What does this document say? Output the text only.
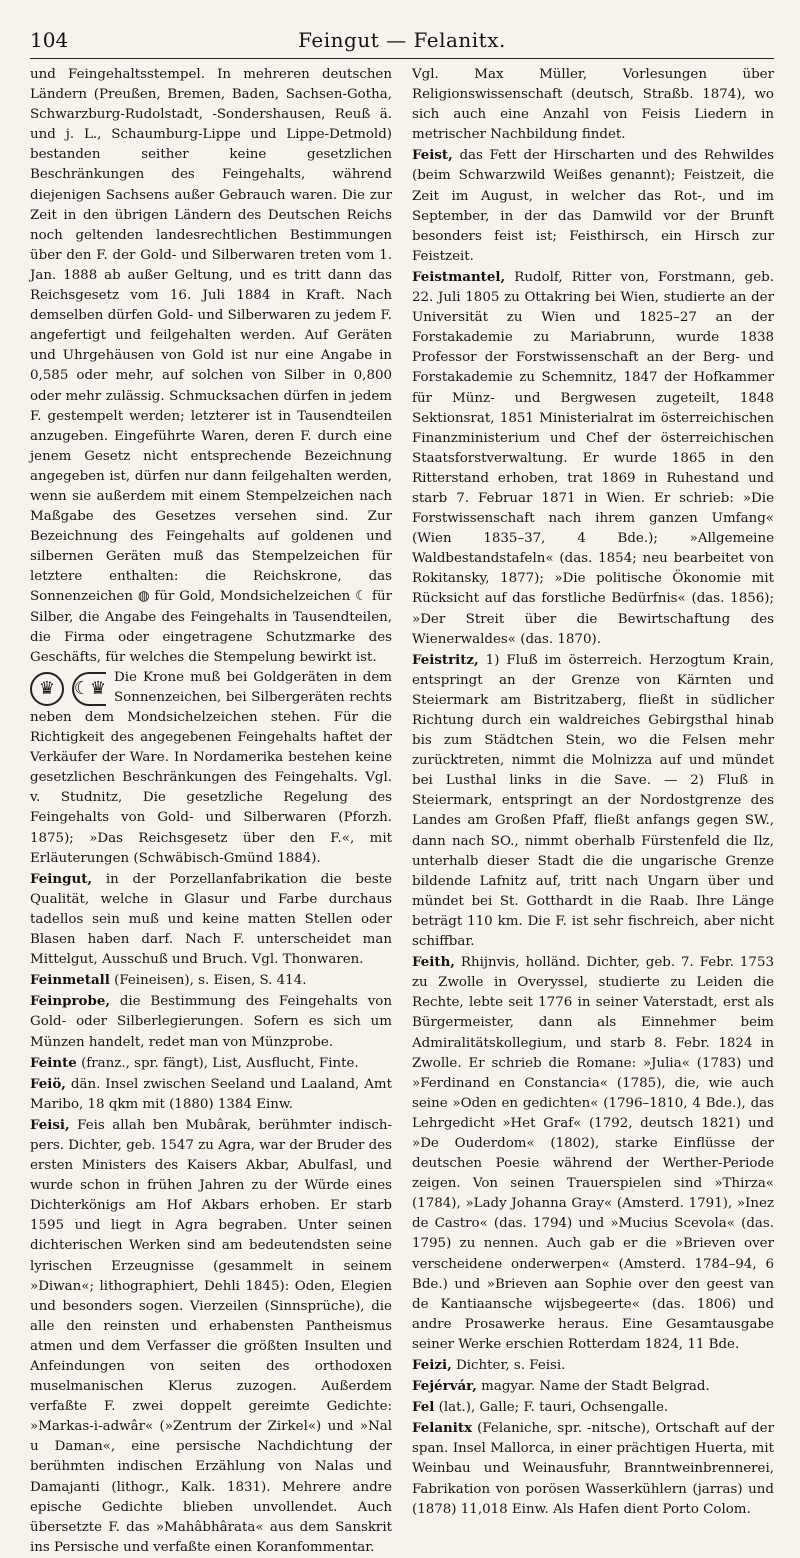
104	Feingut — Felanitx.

und Feingehaltsstempel. In mehreren deutschen Ländern (Preußen, Bremen, Baden, Sachsen-Gotha, Schwarzburg-Rudolstadt, -Sondershausen, Reuß ä. und j. L., Schaumburg-Lippe und Lippe-Detmold) bestanden seither keine gesetzlichen Beschränkungen des Feingehalts, während diejenigen Sachsens außer Gebrauch waren. Die zur Zeit in den übrigen Ländern des Deutschen Reichs noch geltenden landesrechtlichen Bestimmungen über den F. der Gold- und Silberwaren treten vom 1. Jan. 1888 ab außer Geltung, und es tritt dann das Reichsgesetz vom 16. Juli 1884 in Kraft. Nach demselben dürfen Gold- und Silberwaren zu jedem F. angefertigt und feilgehalten werden. Auf Geräten und Uhrgehäusen von Gold ist nur eine Angabe in 0,585 oder mehr, auf solchen von Silber in 0,800 oder mehr zulässig. Schmucksachen dürfen in jedem F. gestempelt werden; letzterer ist in Tausendteilen anzugeben. Eingeführte Waren, deren F. durch eine jenem Gesetz nicht entsprechende Bezeichnung angegeben ist, dürfen nur dann feilgehalten werden, wenn sie außerdem mit einem Stempelzeichen nach Maßgabe des Gesetzes versehen sind. Zur Bezeichnung des Feingehalts auf goldenen und silbernen Geräten muß das Stempelzeichen für letztere enthalten: die Reichskrone, das Sonnenzeichen ◍ für Gold, Mondsichelzeichen ☾ für Silber, die Angabe des Feingehalts in Tausendteilen, die Firma oder eingetragene Schutzmarke des Geschäfts, für welches die Stempelung bewirkt ist.

♛	☾♛
Die Krone muß bei Goldgeräten in dem Sonnenzeichen, bei Silbergeräten rechts neben dem Mondsichelzeichen stehen. Für die Richtigkeit des angegebenen Feingehalts haftet der Verkäufer der Ware. In Nordamerika bestehen keine gesetzlichen Beschränkungen des Feingehalts. Vgl. v. Studnitz, Die gesetzliche Regelung des Feingehalts von Gold- und Silberwaren (Pforzh. 1875); »Das Reichsgesetz über den F.«, mit Erläuterungen (Schwäbisch-Gmünd 1884).

Feingut, in der Porzellanfabrikation die beste Qualität, welche in Glasur und Farbe durchaus tadellos sein muß und keine matten Stellen oder Blasen haben darf. Nach F. unterscheidet man Mittelgut, Ausschuß und Bruch. Vgl. Thonwaren.

Feinmetall (Feineisen), s. Eisen, S. 414.

Feinprobe, die Bestimmung des Feingehalts von Gold- oder Silberlegierungen. Sofern es sich um Münzen handelt, redet man von Münzprobe.

Feinte (franz., spr. fängt), List, Ausflucht, Finte.

Feiö, dän. Insel zwischen Seeland und Laaland, Amt Maribo, 18 qkm mit (1880) 1384 Einw.

Feisi, Feis allah ben Mubârak, berühmter indisch-pers. Dichter, geb. 1547 zu Agra, war der Bruder des ersten Ministers des Kaisers Akbar, Abulfasl, und wurde schon in frühen Jahren zu der Würde eines Dichterkönigs am Hof Akbars erhoben. Er starb 1595 und liegt in Agra begraben. Unter seinen dichterischen Werken sind am bedeutendsten seine lyrischen Erzeugnisse (gesammelt in seinem »Diwan«; lithographiert, Dehli 1845): Oden, Elegien und besonders sogen. Vierzeilen (Sinnsprüche), die alle den reinsten und erhabensten Pantheismus atmen und dem Verfasser die größten Insulten und Anfeindungen von seiten des orthodoxen muselmanischen Klerus zuzogen. Außerdem verfaßte F. zwei doppelt gereimte Gedichte: »Markas-i-adwâr« (»Zentrum der Zirkel«) und »Nal u Daman«, eine persische Nachdichtung der berühmten indischen Erzählung von Nalas und Damajanti (lithogr., Kalk. 1831). Mehrere andre epische Gedichte blieben unvollendet. Auch übersetzte F. das »Mahâbhârata« aus dem Sanskrit ins Persische und verfaßte einen Koranfommentar.

Vgl. Max Müller, Vorlesungen über Religionswissenschaft (deutsch, Straßb. 1874), wo sich auch eine Anzahl von Feisis Liedern in metrischer Nachbildung findet.

Feist, das Fett der Hirscharten und des Rehwildes (beim Schwarzwild Weißes genannt); Feistzeit, die Zeit im August, in welcher das Rot-, und im September, in der das Damwild vor der Brunft besonders feist ist; Feisthirsch, ein Hirsch zur Feistzeit.

Feistmantel, Rudolf, Ritter von, Forstmann, geb. 22. Juli 1805 zu Ottakring bei Wien, studierte an der Universität zu Wien und 1825–27 an der Forstakademie zu Mariabrunn, wurde 1838 Professor der Forstwissenschaft an der Berg- und Forstakademie zu Schemnitz, 1847 der Hofkammer für Münz- und Bergwesen zugeteilt, 1848 Sektionsrat, 1851 Ministerialrat im österreichischen Finanzministerium und Chef der österreichischen Staatsforstverwaltung. Er wurde 1865 in den Ritterstand erhoben, trat 1869 in Ruhestand und starb 7. Februar 1871 in Wien. Er schrieb: »Die Forstwissenschaft nach ihrem ganzen Umfang« (Wien 1835–37, 4 Bde.); »Allgemeine Waldbestandstafeln« (das. 1854; neu bearbeitet von Rokitansky, 1877); »Die politische Ökonomie mit Rücksicht auf das forstliche Bedürfnis« (das. 1856); »Der Streit über die Bewirtschaftung des Wienerwaldes« (das. 1870).

Feistritz, 1) Fluß im österreich. Herzogtum Krain, entspringt an der Grenze von Kärnten und Steiermark am Bistritzaberg, fließt in südlicher Richtung durch ein waldreiches Gebirgsthal hinab bis zum Städtchen Stein, wo die Felsen mehr zurücktreten, nimmt die Molnizza auf und mündet bei Lusthal links in die Save. — 2) Fluß in Steiermark, entspringt an der Nordostgrenze des Landes am Großen Pfaff, fließt anfangs gegen SW., dann nach SO., nimmt oberhalb Fürstenfeld die Ilz, unterhalb dieser Stadt die die ungarische Grenze bildende Lafnitz auf, tritt nach Ungarn über und mündet bei St. Gotthardt in die Raab. Ihre Länge beträgt 110 km. Die F. ist sehr fischreich, aber nicht schiffbar.

Feith, Rhijnvis, holländ. Dichter, geb. 7. Febr. 1753 zu Zwolle in Overyssel, studierte zu Leiden die Rechte, lebte seit 1776 in seiner Vaterstadt, erst als Bürgermeister, dann als Einnehmer beim Admiralitätskollegium, und starb 8. Febr. 1824 in Zwolle. Er schrieb die Romane: »Julia« (1783) und »Ferdinand en Constancia« (1785), die, wie auch seine »Oden en gedichten« (1796–1810, 4 Bde.), das Lehrgedicht »Het Graf« (1792, deutsch 1821) und »De Ouderdom« (1802), starke Einflüsse der deutschen Poesie während der Werther-Periode zeigen. Von seinen Trauerspielen sind »Thirza« (1784), »Lady Johanna Gray« (Amsterd. 1791), »Inez de Castro« (das. 1794) und »Mucius Scevola« (das. 1795) zu nennen. Auch gab er die »Brieven over verscheidene onderwerpen« (Amsterd. 1784–94, 6 Bde.) und »Brieven aan Sophie over den geest van de Kantiaansche wijsbegeerte« (das. 1806) und andre Prosawerke heraus. Eine Gesamtausgabe seiner Werke erschien Rotterdam 1824, 11 Bde.

Feizi, Dichter, s. Feisi.

Fejérvár, magyar. Name der Stadt Belgrad.

Fel (lat.), Galle; F. tauri, Ochsengalle.

Felanitx (Felaniche, spr. -nitsche), Ortschaft auf der span. Insel Mallorca, in einer prächtigen Huerta, mit Weinbau und Weinausfuhr, Branntweinbrennerei, Fabrikation von porösen Wasserkühlern (jarras) und (1878) 11,018 Einw. Als Hafen dient Porto Colom.
